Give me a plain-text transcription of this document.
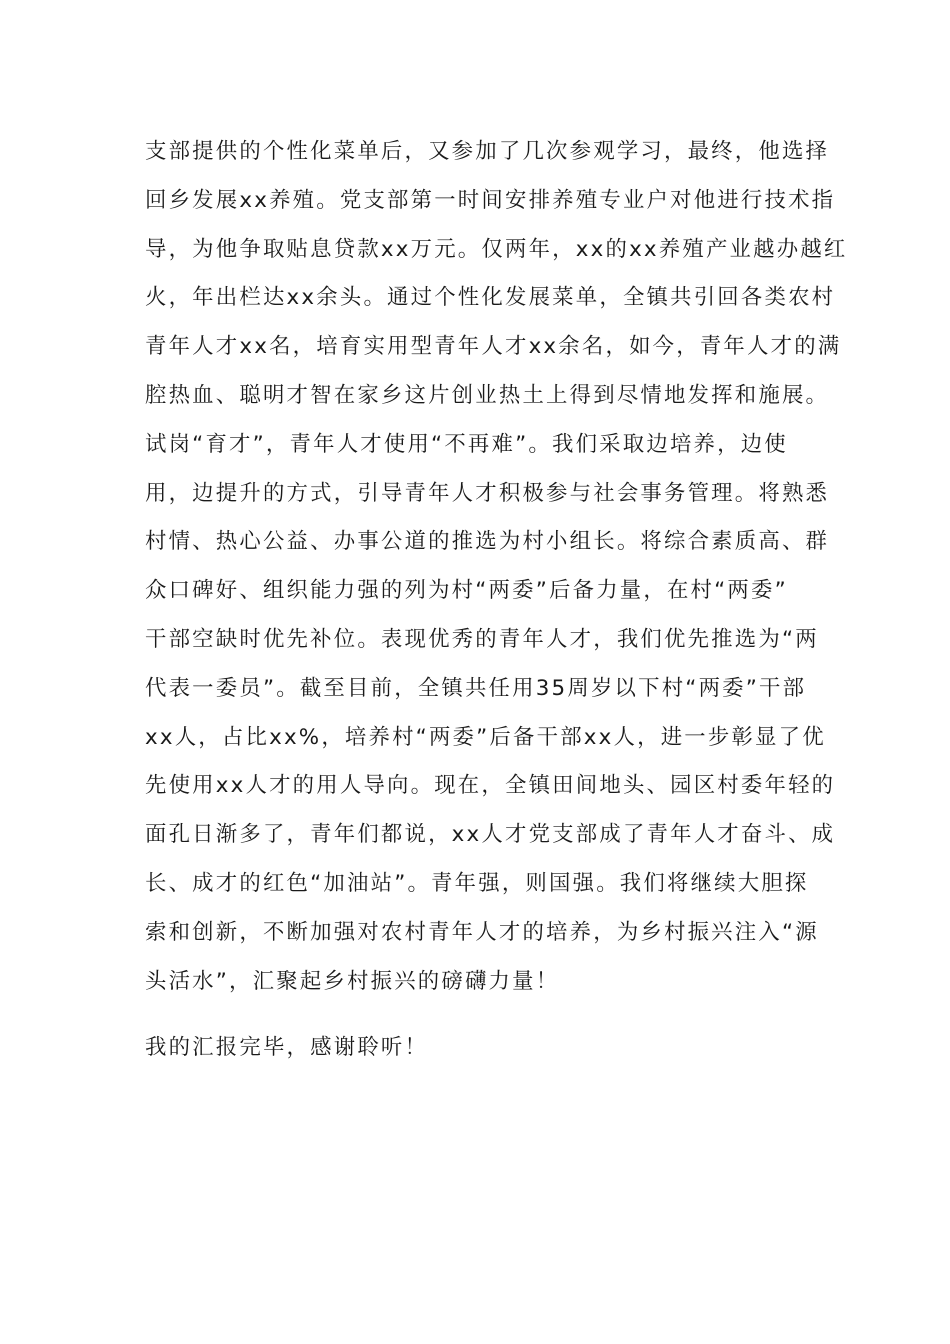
支部提供的个性化菜单后，又参加了几次参观学习，最终，他选择

回乡发展xx养殖。党支部第一时间安排养殖专业户对他进行技术指

导，为他争取贴息贷款xx万元。仅两年，xx的xx养殖产业越办越红

火，年出栏达xx余头。通过个性化发展菜单，全镇共引回各类农村

青年人才xx名，培育实用型青年人才xx余名，如今，青年人才的满

腔热血、聪明才智在家乡这片创业热土上得到尽情地发挥和施展。

试岗“育才”，青年人才使用“不再难”。我们采取边培养，边使

用，边提升的方式，引导青年人才积极参与社会事务管理。将熟悉

村情、热心公益、办事公道的推选为村小组长。将综合素质高、群

众口碑好、组织能力强的列为村“两委”后备力量，在村“两委”

干部空缺时优先补位。表现优秀的青年人才，我们优先推选为“两

代表一委员”。截至目前，全镇共任用35周岁以下村“两委”干部

xx人，占比xx%，培养村“两委”后备干部xx人，进一步彰显了优

先使用xx人才的用人导向。现在，全镇田间地头、园区村委年轻的

面孔日渐多了，青年们都说，xx人才党支部成了青年人才奋斗、成

长、成才的红色“加油站”。青年强，则国强。我们将继续大胆探

索和创新，不断加强对农村青年人才的培养，为乡村振兴注入“源

头活水”，汇聚起乡村振兴的磅礴力量！

我的汇报完毕，感谢聆听！
